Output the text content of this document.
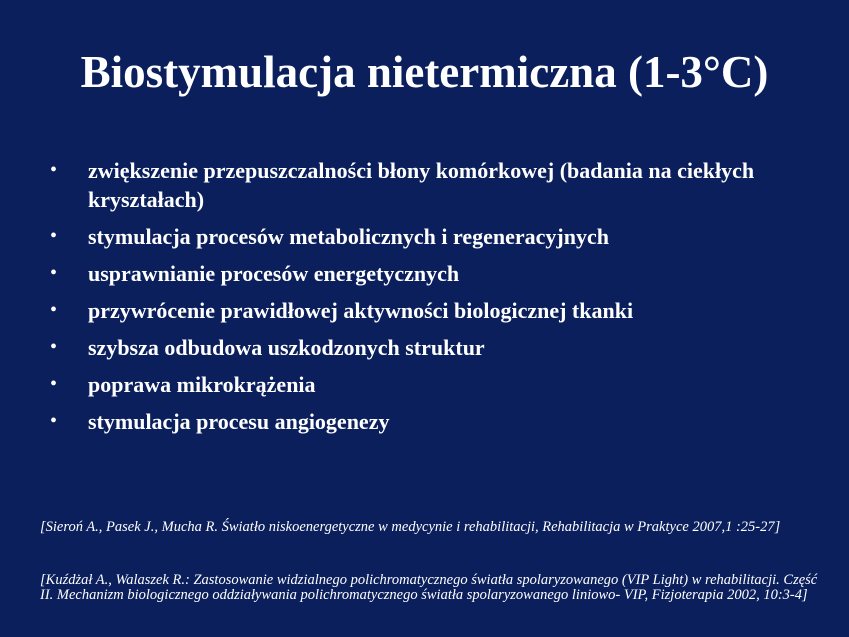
Biostymulacja nietermiczna (1-3°C)
•	zwiększenie przepuszczalności błony komórkowej (badania na ciekłych kryształach)
•	stymulacja procesów metabolicznych i regeneracyjnych
•	usprawnianie procesów energetycznych
•	przywrócenie prawidłowej aktywności biologicznej tkanki
•	szybsza odbudowa uszkodzonych struktur
•	poprawa mikrokrążenia
•	stymulacja procesu angiogenezy
[Sieroń A., Pasek J., Mucha R. Światło niskoenergetyczne w medycynie i rehabilitacji, Rehabilitacja w Praktyce 2007,1 :25-27]
[Kuźdżał A., Walaszek R.: Zastosowanie widzialnego polichromatycznego światła spolaryzowanego (VIP Light) w rehabilitacji. Część II. Mechanizm biologicznego oddziaływania polichromatycznego światła spolaryzowanego liniowo- VIP, Fizjoterapia 2002, 10:3-4]
